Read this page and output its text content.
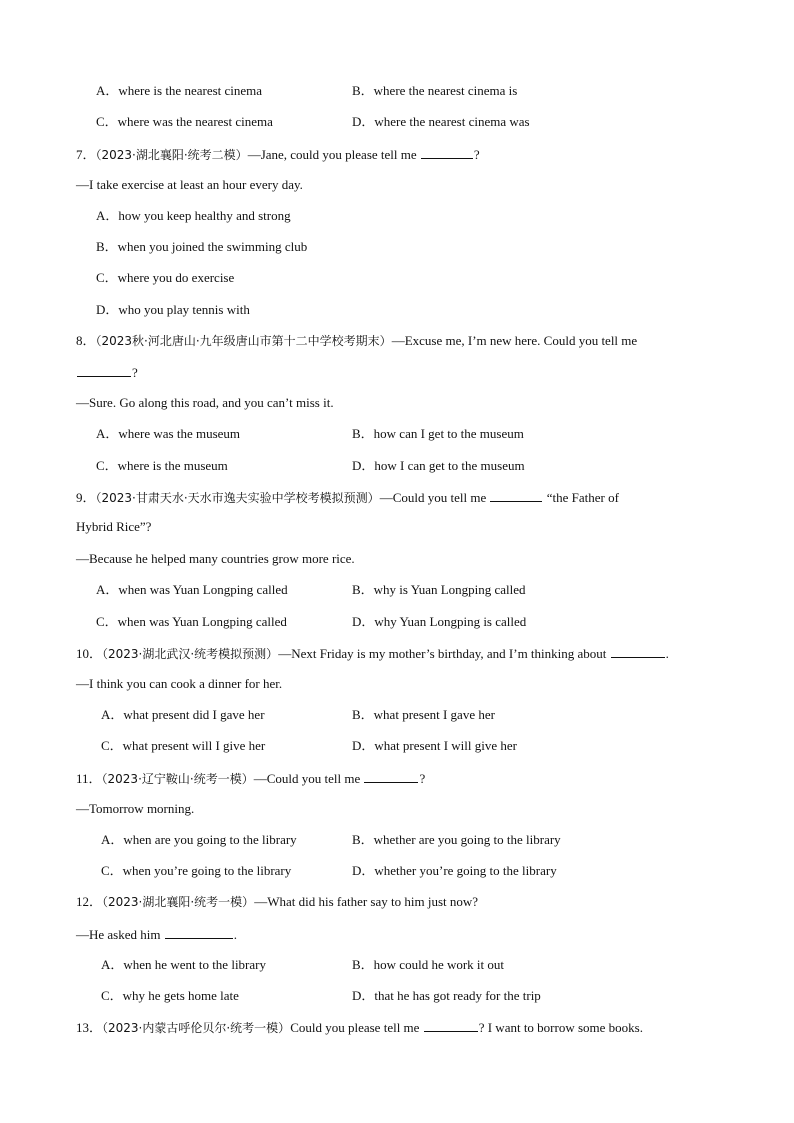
A．where is the nearest cinema	B．where the nearest cinema is
C．where was the nearest cinema	D．where the nearest cinema was
7．（2023·湖北襄阳·统考二模）—Jane, could you please tell me	?
—I take exercise at least an hour every day.
A．how you keep healthy and strong
B．when you joined the swimming club
C．where you do exercise
D．who you play tennis with
8．（2023秋·河北唐山·九年级唐山市第十二中学校考期末）—Excuse me, I’m new here. Could you tell me
?
—Sure. Go along this road, and you can’t miss it.
A．where was the museum	B．how can I get to the museum
C．where is the museum	D．how I can get to the museum
9．（2023·甘肃天水·天水市逸夫实验中学校考模拟预测）—Could you tell me	“the Father of
Hybrid Rice”?
—Because he helped many countries grow more rice.
A．when was Yuan Longping called	B．why is Yuan Longping called
C．when was Yuan Longping called	D．why Yuan Longping is called
10．（2023·湖北武汉·统考模拟预测）—Next Friday is my mother’s birthday, and I’m thinking about	.
—I think you can cook a dinner for her.
A．what present did I gave her	B．what present I gave her
C．what present will I give her	D．what present I will give her
11．（2023·辽宁鞍山·统考一模）—Could you tell me	?
—Tomorrow morning.
A．when are you going to the library	B．whether are you going to the library
C．when you’re going to the library	D．whether you’re going to the library
12．（2023·湖北襄阳·统考一模）—What did his father say to him just now?
—He asked him	.
A．when he went to the library	B．how could he work it out
C．why he gets home late	D．that he has got ready for the trip
13．（2023·内蒙古呼伦贝尔·统考一模）Could you please tell me	? I want to borrow some books.
